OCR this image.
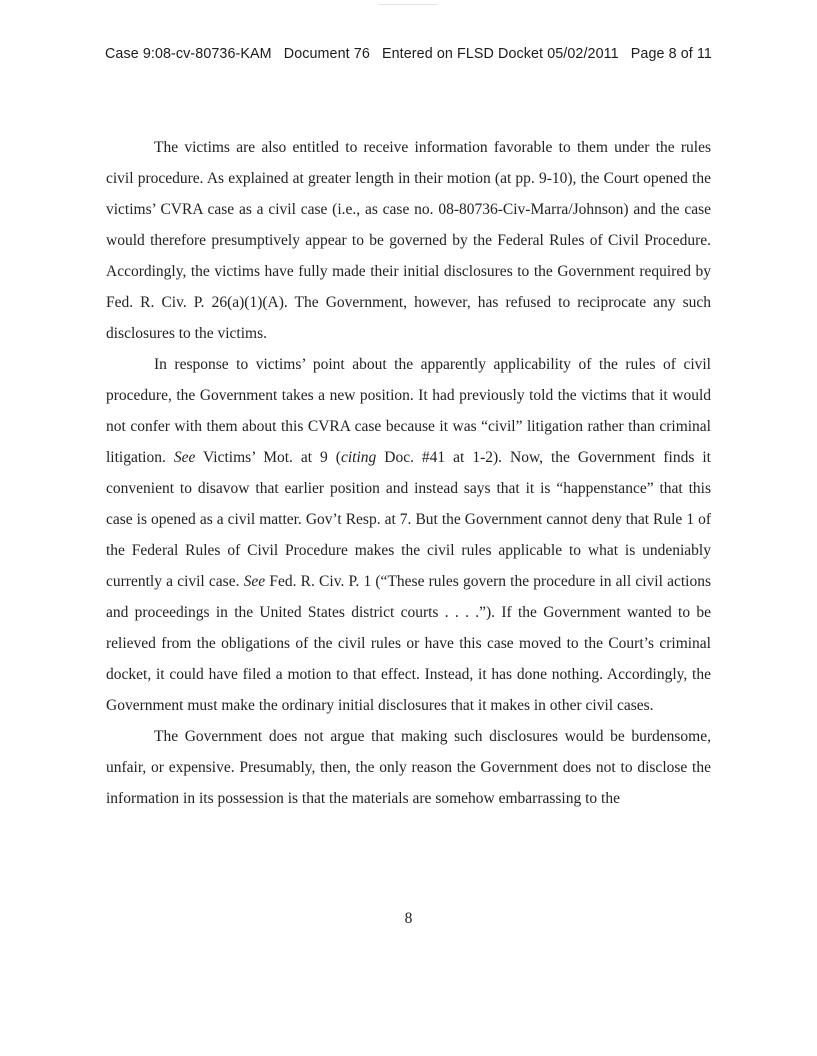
Case 9:08-cv-80736-KAM Document 76 Entered on FLSD Docket 05/02/2011 Page 8 of 11

The victims are also entitled to receive information favorable to them under the rules civil procedure. As explained at greater length in their motion (at pp. 9-10), the Court opened the victims’ CVRA case as a civil case (i.e., as case no. 08-80736-Civ-Marra/Johnson) and the case would therefore presumptively appear to be governed by the Federal Rules of Civil Procedure. Accordingly, the victims have fully made their initial disclosures to the Government required by Fed. R. Civ. P. 26(a)(1)(A). The Government, however, has refused to reciprocate any such disclosures to the victims.

In response to victims’ point about the apparently applicability of the rules of civil procedure, the Government takes a new position. It had previously told the victims that it would not confer with them about this CVRA case because it was “civil” litigation rather than criminal litigation. See Victims’ Mot. at 9 (citing Doc. #41 at 1-2). Now, the Government finds it convenient to disavow that earlier position and instead says that it is “happenstance” that this case is opened as a civil matter. Gov’t Resp. at 7. But the Government cannot deny that Rule 1 of the Federal Rules of Civil Procedure makes the civil rules applicable to what is undeniably currently a civil case. See Fed. R. Civ. P. 1 (“These rules govern the procedure in all civil actions and proceedings in the United States district courts . . . .”). If the Government wanted to be relieved from the obligations of the civil rules or have this case moved to the Court’s criminal docket, it could have filed a motion to that effect. Instead, it has done nothing. Accordingly, the Government must make the ordinary initial disclosures that it makes in other civil cases.

The Government does not argue that making such disclosures would be burdensome, unfair, or expensive. Presumably, then, the only reason the Government does not to disclose the information in its possession is that the materials are somehow embarrassing to the

8
